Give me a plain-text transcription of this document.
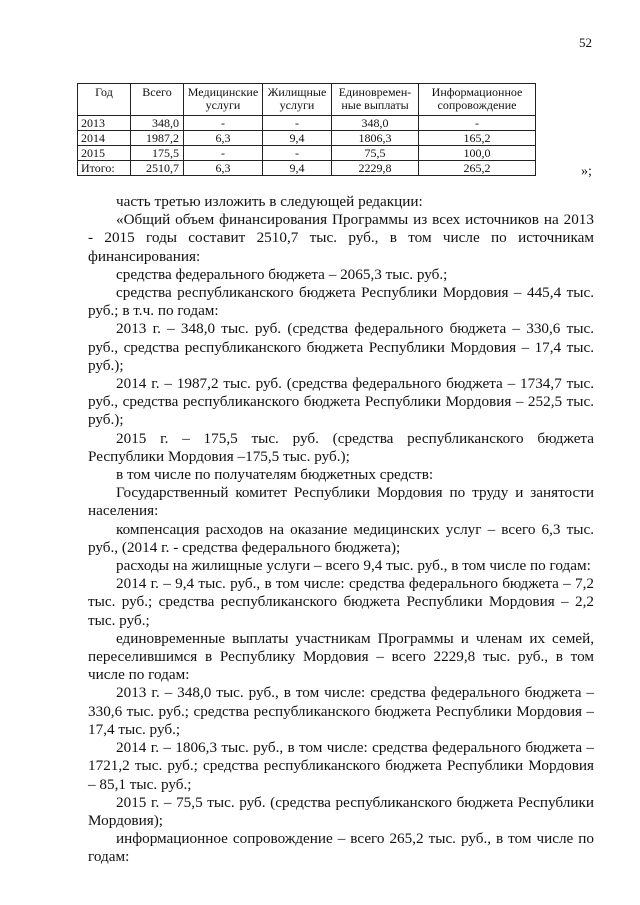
52
Год	Всего	Медицинские услуги	Жилищные услуги	Единовремен-ные выплаты	Информационное сопровождение
2013	348,0	-	-	348,0	-
2014	1987,2	6,3	9,4	1806,3	165,2
2015	175,5	-	-	75,5	100,0
Итого:	2510,7	6,3	9,4	2229,8	265,2	»;

часть третью изложить в следующей редакции:

«Общий объем финансирования Программы из всех источников на 2013 - 2015 годы составит 2510,7 тыс. руб., в том числе по источникам финансирования:

средства федерального бюджета – 2065,3 тыс. руб.;

средства республиканского бюджета Республики Мордовия – 445,4 тыс. руб.; в т.ч. по годам:

2013 г. – 348,0 тыс. руб. (средства федерального бюджета – 330,6 тыс. руб., средства республиканского бюджета Республики Мордовия – 17,4 тыс. руб.);

2014 г. – 1987,2 тыс. руб. (средства федерального бюджета – 1734,7 тыс. руб., средства республиканского бюджета Республики Мордовия – 252,5 тыс. руб.);

2015 г. – 175,5 тыс. руб. (средства республиканского бюджета Республики Мордовия –175,5 тыс. руб.);

в том числе по получателям бюджетных средств:

Государственный комитет Республики Мордовия по труду и занятости населения:

компенсация расходов на оказание медицинских услуг – всего 6,3 тыс. руб., (2014 г. - средства федерального бюджета);

расходы на жилищные услуги – всего 9,4 тыс. руб., в том числе по годам:

2014 г. – 9,4 тыс. руб., в том числе: средства федерального бюджета – 7,2 тыс. руб.; средства республиканского бюджета Республики Мордовия – 2,2 тыс. руб.;

единовременные выплаты участникам Программы и членам их семей, переселившимся в Республику Мордовия – всего 2229,8 тыс. руб., в том числе по годам:

2013 г. – 348,0 тыс. руб., в том числе: средства федерального бюджета – 330,6 тыс. руб.; средства республиканского бюджета Республики Мордовия – 17,4 тыс. руб.;

2014 г. – 1806,3 тыс. руб., в том числе: средства федерального бюджета – 1721,2 тыс. руб.; средства республиканского бюджета Республики Мордовия – 85,1 тыс. руб.;

2015 г. – 75,5 тыс. руб. (средства республиканского бюджета Республики Мордовия);

информационное сопровождение – всего 265,2 тыс. руб., в том числе по годам:
